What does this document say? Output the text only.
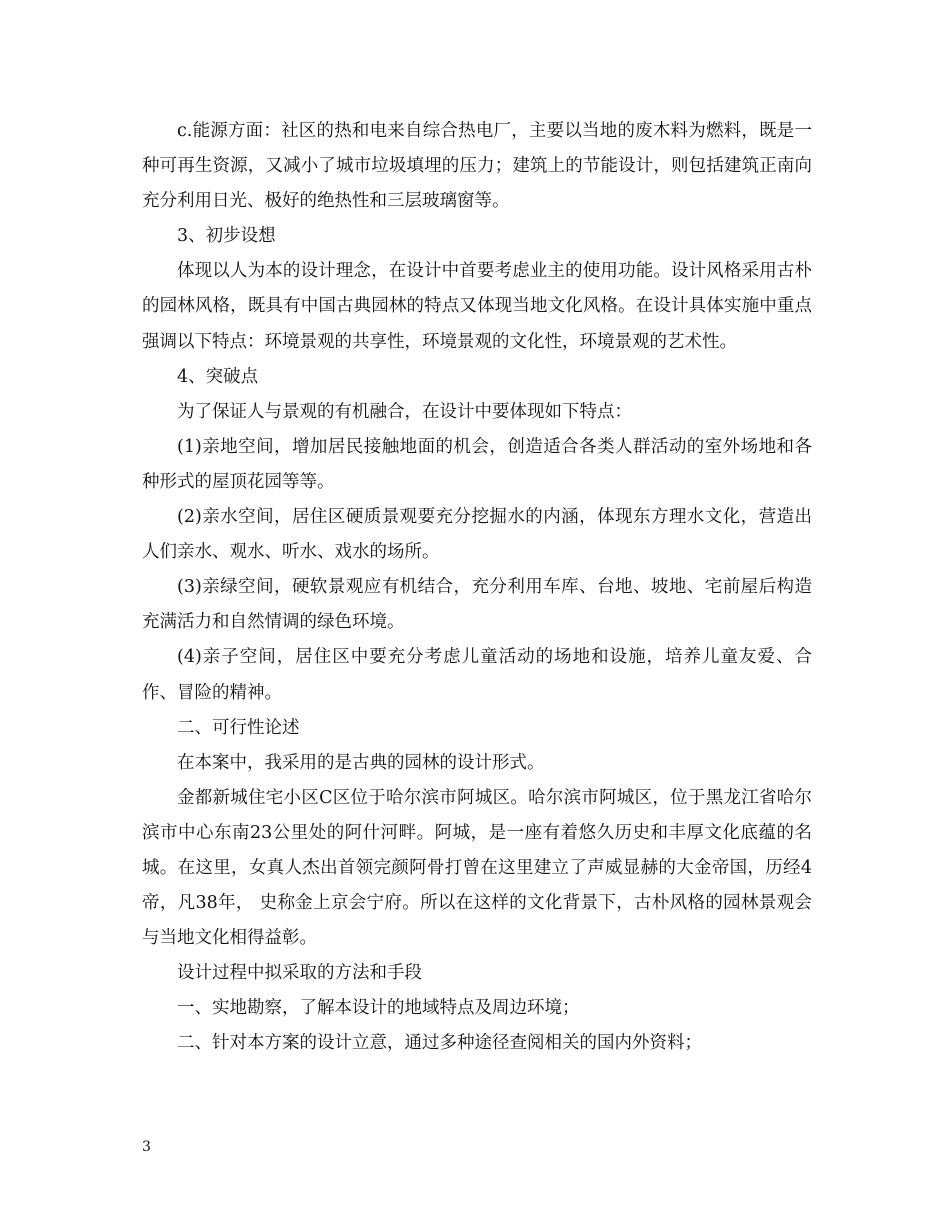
c.能源方面：社区的热和电来自综合热电厂，主要以当地的废木料为燃料，既是一种可再生资源，又减小了城市垃圾填埋的压力；建筑上的节能设计，则包括建筑正南向充分利用日光、极好的绝热性和三层玻璃窗等。

3、初步设想

体现以人为本的设计理念，在设计中首要考虑业主的使用功能。设计风格采用古朴的园林风格，既具有中国古典园林的特点又体现当地文化风格。在设计具体实施中重点强调以下特点：环境景观的共享性，环境景观的文化性，环境景观的艺术性。

4、突破点

为了保证人与景观的有机融合，在设计中要体现如下特点：

(1)亲地空间，增加居民接触地面的机会，创造适合各类人群活动的室外场地和各种形式的屋顶花园等等。

(2)亲水空间，居住区硬质景观要充分挖掘水的内涵，体现东方理水文化，营造出人们亲水、观水、听水、戏水的场所。

(3)亲绿空间，硬软景观应有机结合，充分利用车库、台地、坡地、宅前屋后构造充满活力和自然情调的绿色环境。

(4)亲子空间，居住区中要充分考虑儿童活动的场地和设施，培养儿童友爱、合作、冒险的精神。

二、可行性论述

在本案中，我采用的是古典的园林的设计形式。

金都新城住宅小区C区位于哈尔滨市阿城区。哈尔滨市阿城区，位于黑龙江省哈尔滨市中心东南23公里处的阿什河畔。阿城，是一座有着悠久历史和丰厚文化底蕴的名城。在这里，女真人杰出首领完颜阿骨打曾在这里建立了声威显赫的大金帝国，历经4帝，凡38年， 史称金上京会宁府。所以在这样的文化背景下，古朴风格的园林景观会与当地文化相得益彰。

设计过程中拟采取的方法和手段

一、实地勘察，了解本设计的地域特点及周边环境；

二、针对本方案的设计立意，通过多种途径查阅相关的国内外资料；

3
